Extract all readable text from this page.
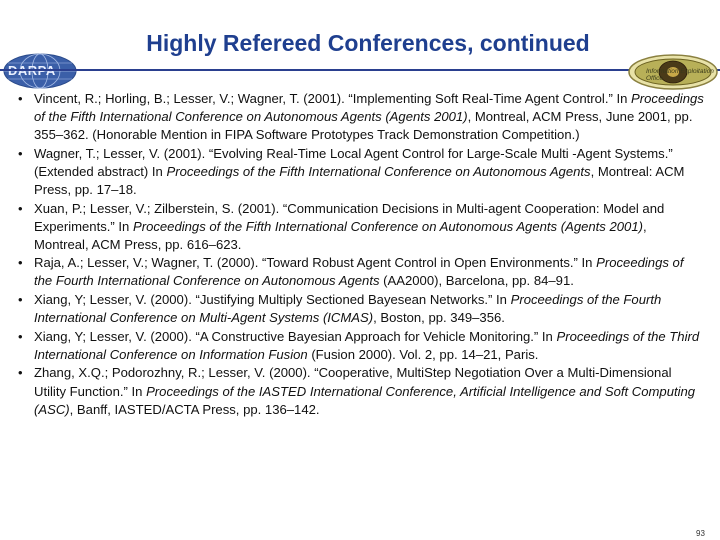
Highly Refereed Conferences, continued
Information Exploitation Office
• Vincent, R.; Horling, B.; Lesser, V.; Wagner, T. (2001). “Implementing Soft Real-Time Agent Control.” In Proceedings of the Fifth International Conference on Autonomous Agents (Agents 2001), Montreal, ACM Press, June 2001, pp. 355–362. (Honorable Mention in FIPA Software Prototypes Track Demonstration Competition.)
• Wagner, T.; Lesser, V. (2001). “Evolving Real-Time Local Agent Control for Large-Scale Multi -Agent Systems.” (Extended abstract) In Proceedings of the Fifth International Conference on Autonomous Agents, Montreal: ACM Press, pp. 17–18.
• Xuan, P.; Lesser, V.; Zilberstein, S. (2001). “Communication Decisions in Multi-agent Cooperation: Model and Experiments.” In Proceedings of the Fifth International Conference on Autonomous Agents (Agents 2001), Montreal, ACM Press, pp. 616–623.
• Raja, A.; Lesser, V.; Wagner, T. (2000). “Toward Robust Agent Control in Open Environments.” In Proceedings of the Fourth International Conference on Autonomous Agents (AA2000), Barcelona, pp. 84–91.
• Xiang, Y; Lesser, V. (2000). “Justifying Multiply Sectioned Bayesean Networks.” In Proceedings of the Fourth International Conference on Multi-Agent Systems (ICMAS), Boston, pp. 349–356.
• Xiang, Y; Lesser, V. (2000). “A Constructive Bayesian Approach for Vehicle Monitoring.” In Proceedings of the Third International Conference on Information Fusion (Fusion 2000). Vol. 2, pp. 14–21, Paris.
• Zhang, X.Q.; Podorozhny, R.; Lesser, V. (2000). “Cooperative, MultiStep Negotiation Over a Multi-Dimensional Utility Function.” In Proceedings of the IASTED International Conference, Artificial Intelligence and Soft Computing (ASC), Banff, IASTED/ACTA Press, pp. 136–142.
93
